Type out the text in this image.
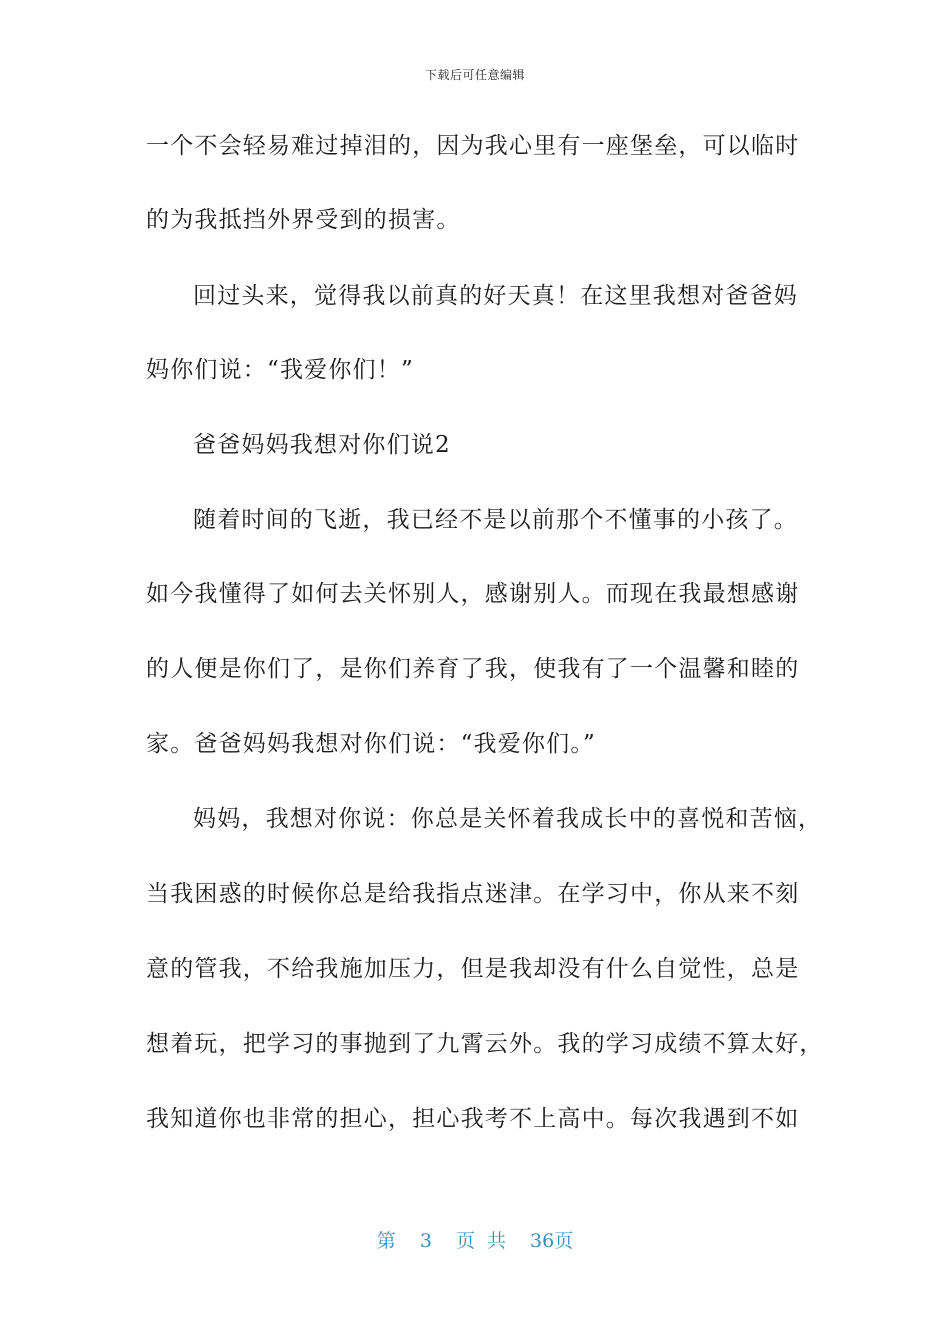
下载后可任意编辑
一个不会轻易难过掉泪的，因为我心里有一座堡垒，可以临时
的为我抵挡外界受到的损害。
回过头来，觉得我以前真的好天真！在这里我想对爸爸妈
妈你们说：“我爱你们！”
爸爸妈妈我想对你们说2
随着时间的飞逝，我已经不是以前那个不懂事的小孩了。
如今我懂得了如何去关怀别人，感谢别人。而现在我最想感谢
的人便是你们了，是你们养育了我，使我有了一个温馨和睦的
家。爸爸妈妈我想对你们说：“我爱你们。”
妈妈，我想对你说：你总是关怀着我成长中的喜悦和苦恼，
当我困惑的时候你总是给我指点迷津。在学习中，你从来不刻
意的管我，不给我施加压力，但是我却没有什么自觉性，总是
想着玩，把学习的事抛到了九霄云外。我的学习成绩不算太好，
我知道你也非常的担心，担心我考不上高中。每次我遇到不如
第 3 页 共 36页
